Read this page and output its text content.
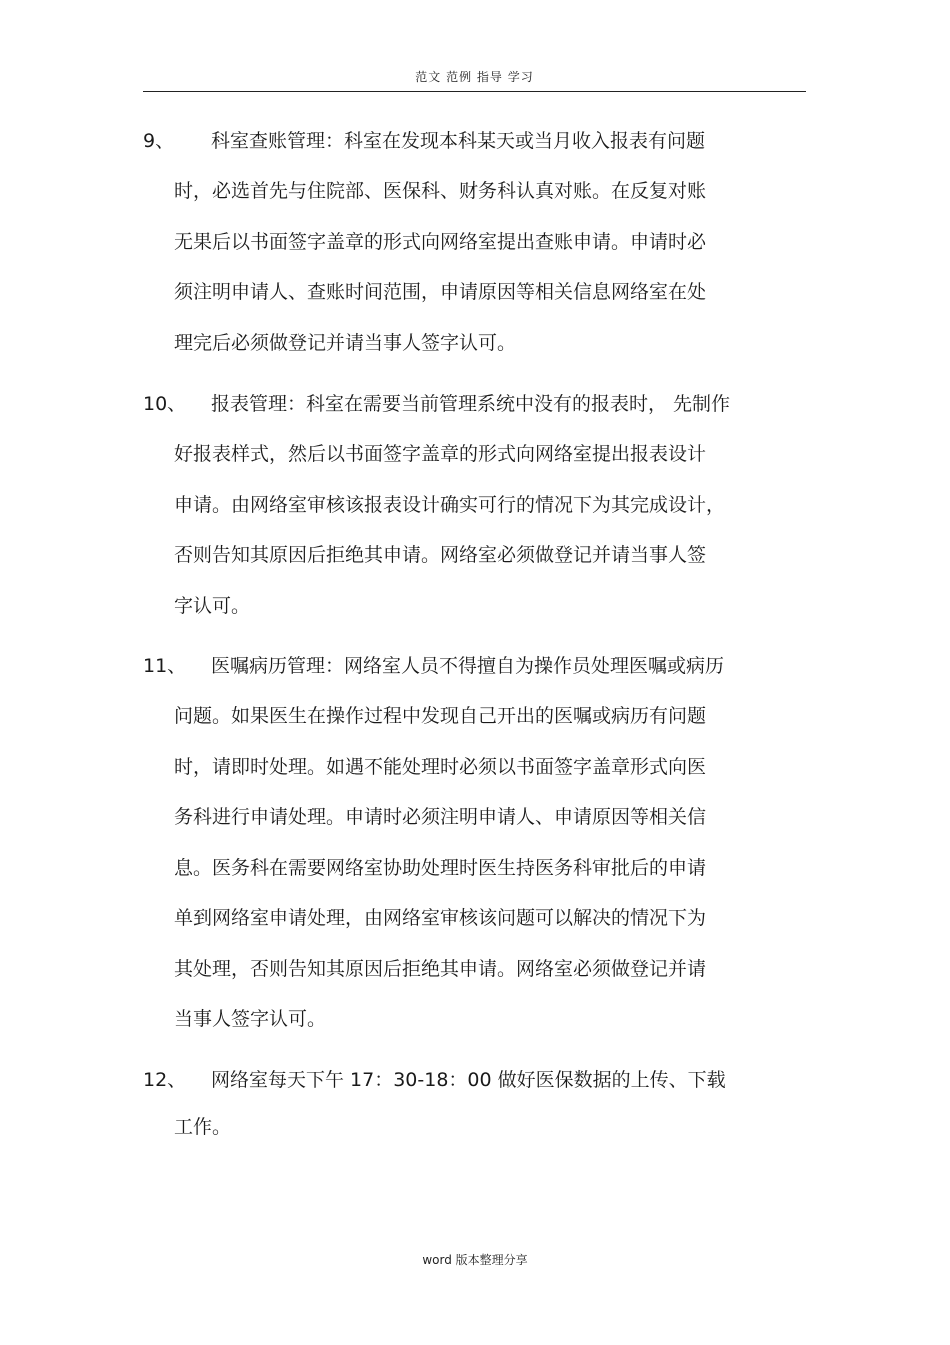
范文 范例 指导 学习
9、 科室查账管理：科室在发现本科某天或当月收入报表有问题
时，必选首先与住院部、医保科、财务科认真对账。在反复对账
无果后以书面签字盖章的形式向网络室提出查账申请。申请时必
须注明申请人、查账时间范围，申请原因等相关信息网络室在处
理完后必须做登记并请当事人签字认可。
10、 报表管理：科室在需要当前管理系统中没有的报表时， 先制作
好报表样式，然后以书面签字盖章的形式向网络室提出报表设计
申请。由网络室审核该报表设计确实可行的情况下为其完成设计，
否则告知其原因后拒绝其申请。网络室必须做登记并请当事人签
字认可。
11、 医嘱病历管理：网络室人员不得擅自为操作员处理医嘱或病历
问题。如果医生在操作过程中发现自己开出的医嘱或病历有问题
时，请即时处理。如遇不能处理时必须以书面签字盖章形式向医
务科进行申请处理。申请时必须注明申请人、申请原因等相关信
息。医务科在需要网络室协助处理时医生持医务科审批后的申请
单到网络室申请处理，由网络室审核该问题可以解决的情况下为
其处理，否则告知其原因后拒绝其申请。网络室必须做登记并请
当事人签字认可。
12、 网络室每天下午 17：30-18：00 做好医保数据的上传、下载
工作。
word 版本整理分享
